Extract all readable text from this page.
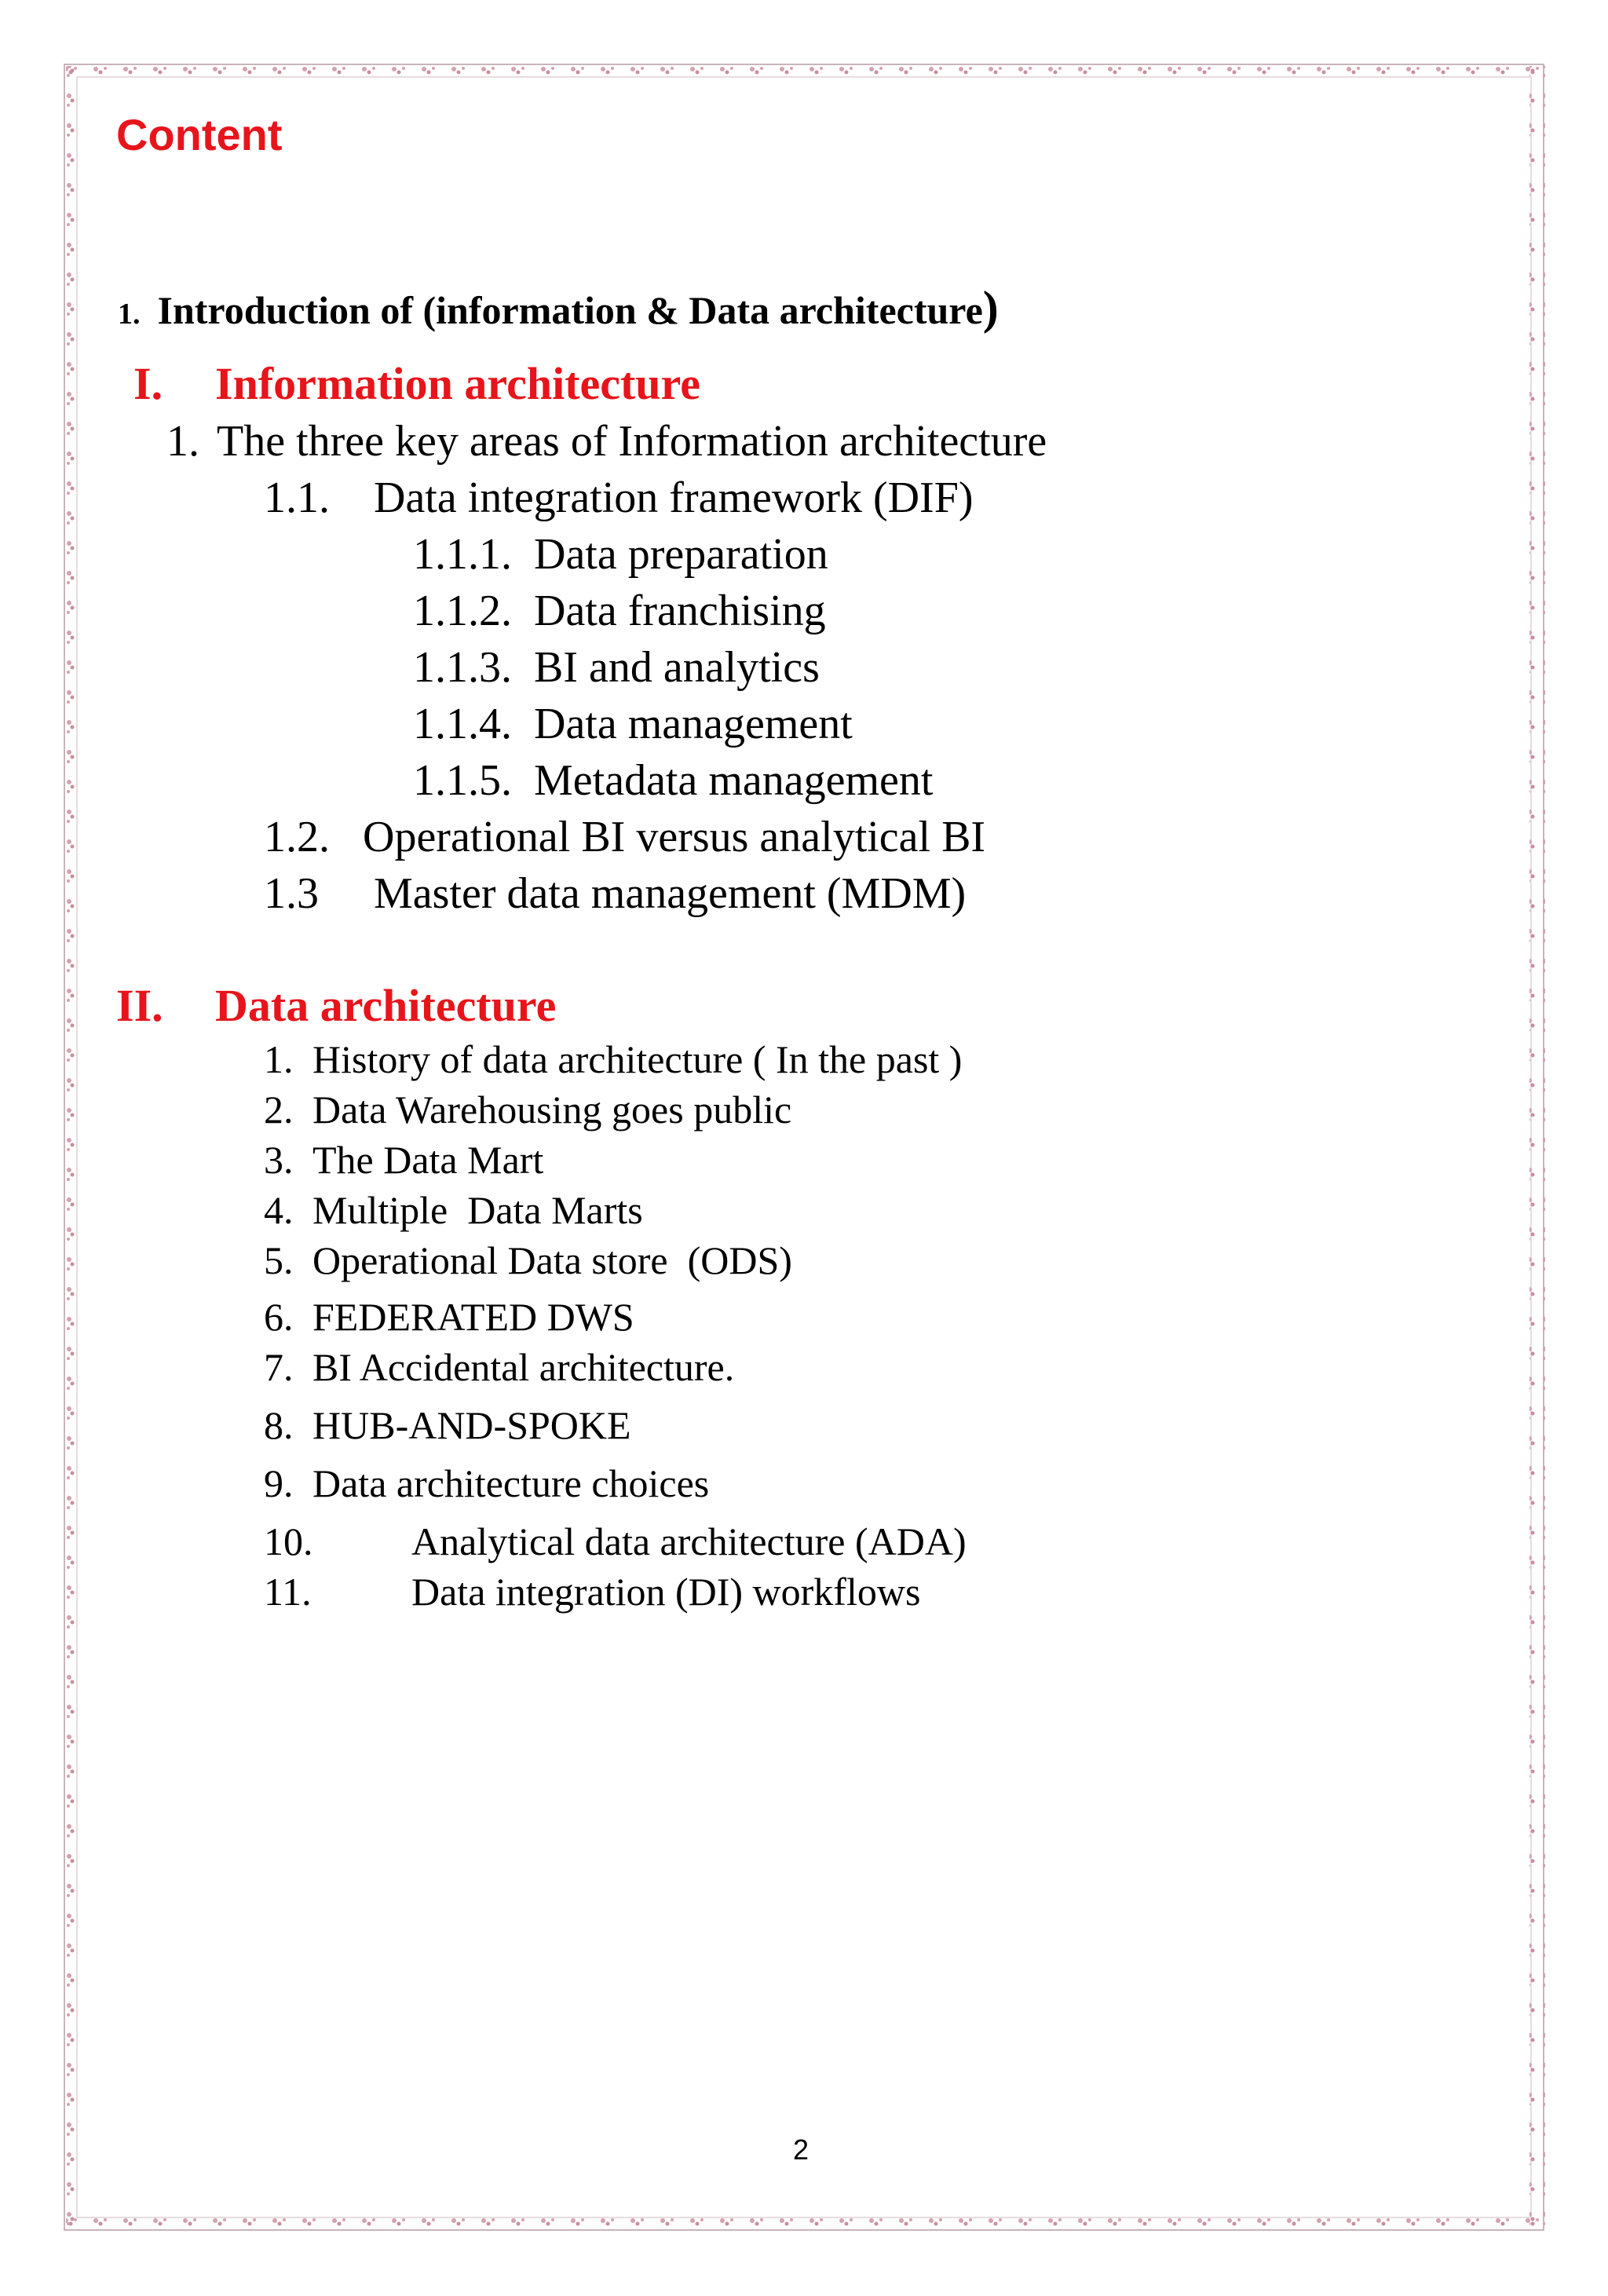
Content
1. Introduction of (information & Data architecture)
I. Information architecture
1. The three key areas of Information architecture
1.1. Data integration framework (DIF)
1.1.1. Data preparation
1.1.2. Data franchising
1.1.3. BI and analytics
1.1.4. Data management
1.1.5. Metadata management
1.2. Operational BI versus analytical BI
1.3 Master data management (MDM)
II. Data architecture
1. History of data architecture ( In the past )
2. Data Warehousing goes public
3. The Data Mart
4. Multiple  Data Marts
5. Operational Data store  (ODS)
6. FEDERATED DWS
7. BI Accidental architecture.
8. HUB-AND-SPOKE
9. Data architecture choices
10.	Analytical data architecture (ADA)
11.	Data integration (DI) workflows
2
